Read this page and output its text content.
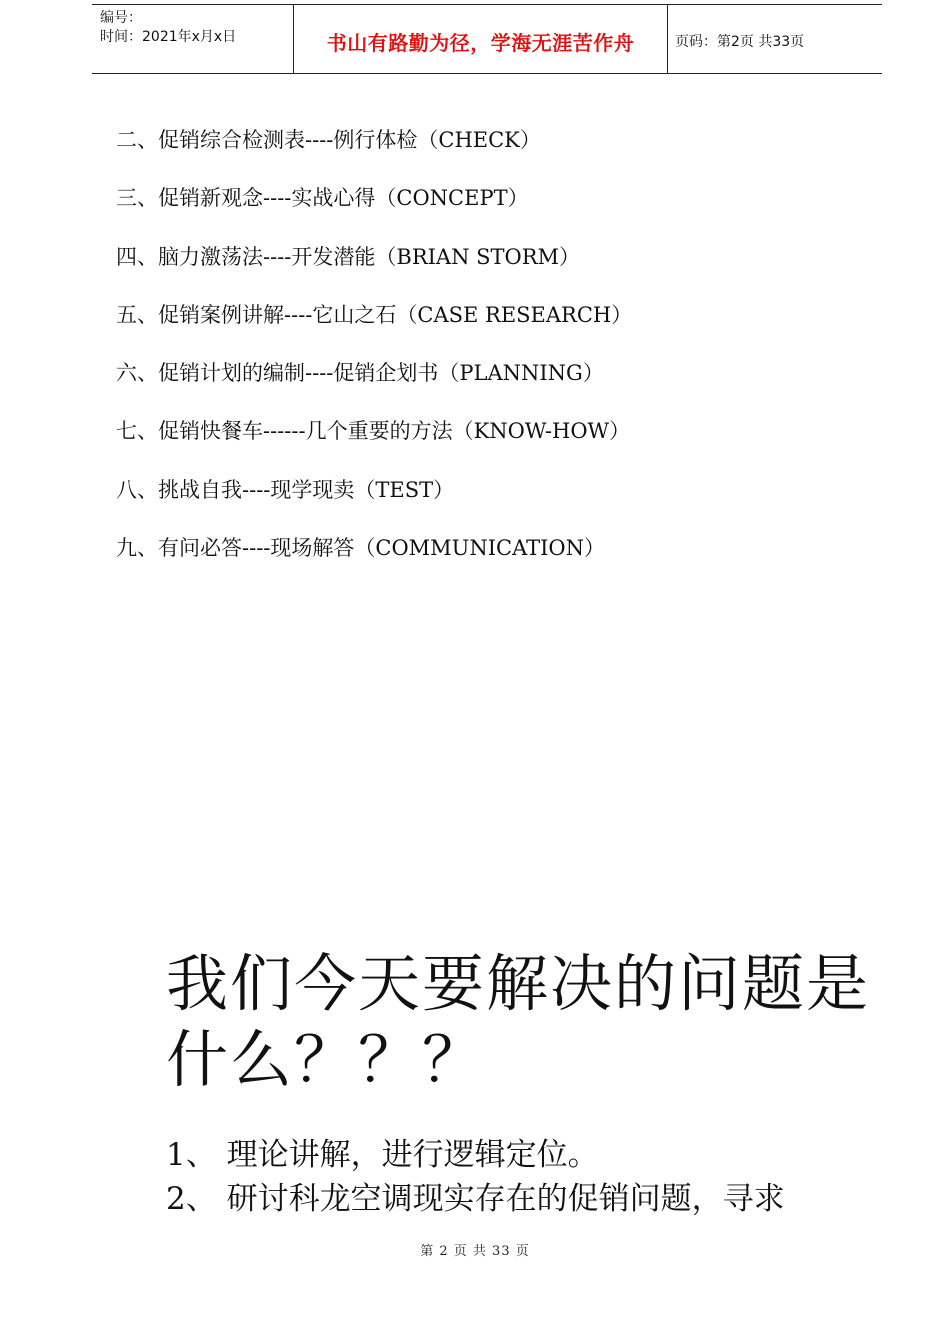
编号：
时间：2021年x月x日	书山有路勤为径，学海无涯苦作舟	页码：第2页 共33页
二、促销综合检测表----例行体检（CHECK）
三、促销新观念----实战心得（CONCEPT）
四、脑力激荡法----开发潜能（BRIAN STORM）
五、促销案例讲解----它山之石（CASE RESEARCH）
六、促销计划的编制----促销企划书（PLANNING）
七、促销快餐车------几个重要的方法（KNOW-HOW）
八、挑战自我----现学现卖（TEST）
九、有问必答----现场解答（COMMUNICATION）
我们今天要解决的问题是什么？？？
1、 理论讲解，进行逻辑定位。
2、 研讨科龙空调现实存在的促销问题，寻求
第 2 页 共 33 页
